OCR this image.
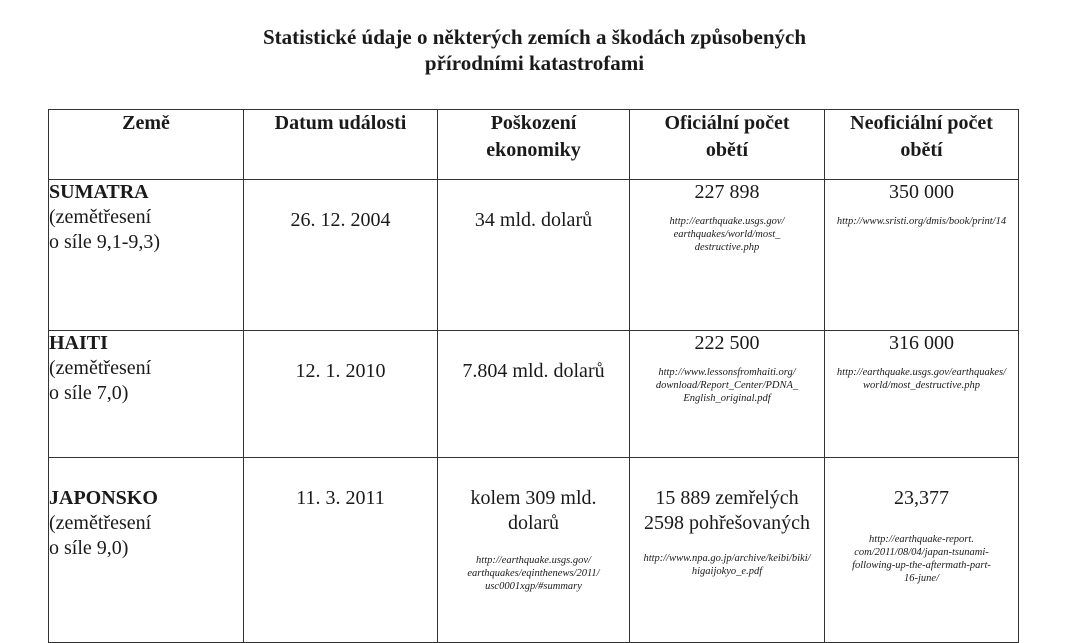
Statistické údaje o některých zemích a škodách způsobených
přírodními katastrofami
Země	Datum události	Poškození
ekonomiky	Oficiální počet
obětí	Neoficiální počet
obětí

SUMATRA
(zemětřesení
o síle 9,1-9,3)	26. 12. 2004	34 mld. dolarů	227 898
http://earthquake.usgs.gov/
earthquakes/world/most_
destructive.php	350 000
http://www.sristi.org/dmis/book/print/14

HAITI
(zemětřesení
o síle 7,0)	12. 1. 2010	7.804 mld. dolarů	222 500
http://www.lessonsfromhaiti.org/
download/Report_Center/PDNA_
English_original.pdf	316 000
http://earthquake.usgs.gov/earthquakes/
world/most_destructive.php

JAPONSKO
(zemětřesení
o síle 9,0)	11. 3. 2011	kolem 309 mld.
dolarů
http://earthquake.usgs.gov/
earthquakes/eqinthenews/2011/
usc0001xgp/#summary	15 889 zemřelých
2598 pohřešovaných
http://www.npa.go.jp/archive/keibi/biki/
higaijokyo_e.pdf	23,377
http://earthquake-report.
com/2011/08/04/japan-tsunami-
following-up-the-aftermath-part-
16-june/
